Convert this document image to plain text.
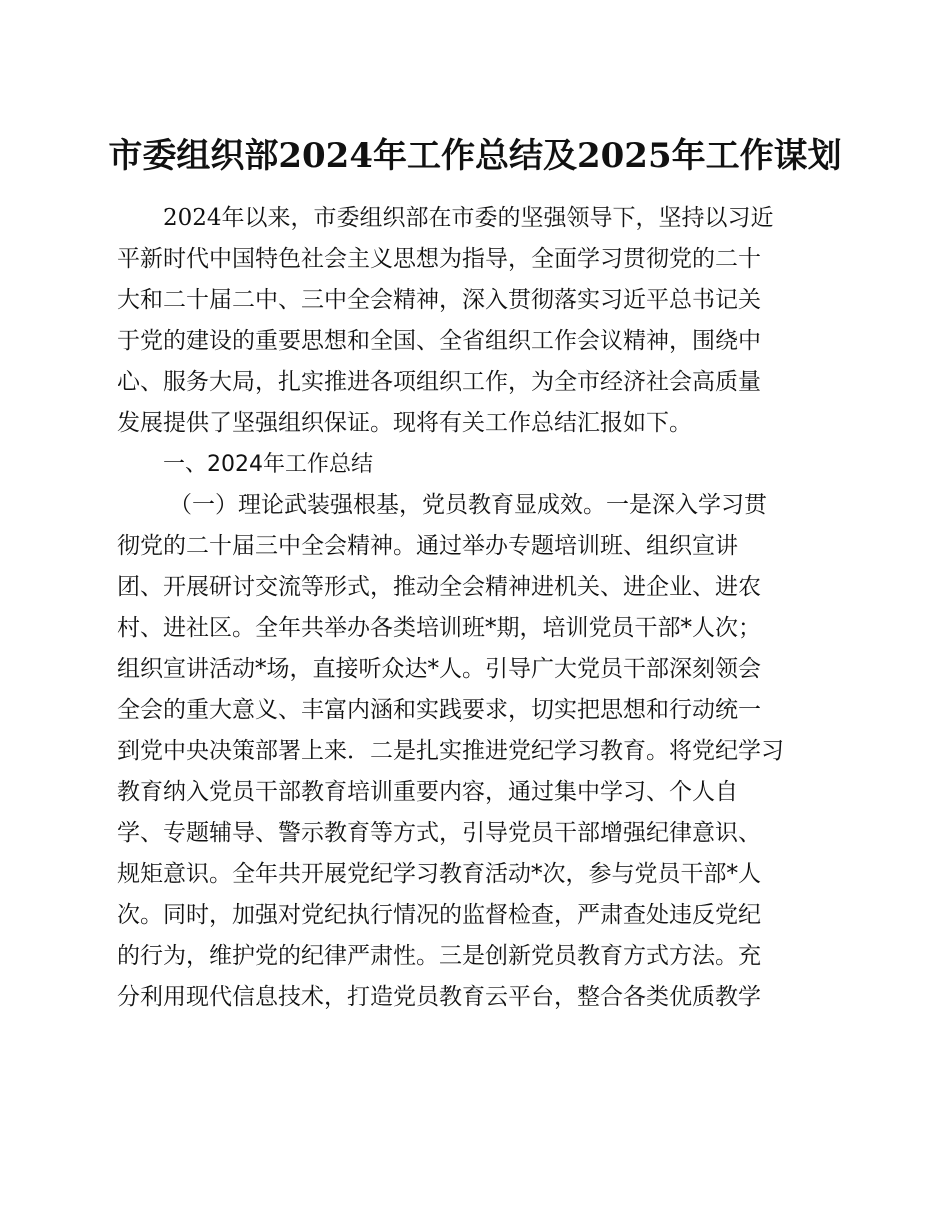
市委组织部2024年工作总结及2025年工作谋划
2024年以来，市委组织部在市委的坚强领导下，坚持以习近
平新时代中国特色社会主义思想为指导，全面学习贯彻党的二十
大和二十届二中、三中全会精神，深入贯彻落实习近平总书记关
于党的建设的重要思想和全国、全省组织工作会议精神，围绕中
心、服务大局，扎实推进各项组织工作，为全市经济社会高质量
发展提供了坚强组织保证。现将有关工作总结汇报如下。
一、2024年工作总结
（一）理论武装强根基，党员教育显成效。一是深入学习贯
彻党的二十届三中全会精神。通过举办专题培训班、组织宣讲
团、开展研讨交流等形式，推动全会精神进机关、进企业、进农
村、进社区。全年共举办各类培训班*期，培训党员干部*人次；
组织宣讲活动*场，直接听众达*人。引导广大党员干部深刻领会
全会的重大意义、丰富内涵和实践要求，切实把思想和行动统一
到党中央决策部署上来．二是扎实推进党纪学习教育。将党纪学习
教育纳入党员干部教育培训重要内容，通过集中学习、个人自
学、专题辅导、警示教育等方式，引导党员干部增强纪律意识、
规矩意识。全年共开展党纪学习教育活动*次，参与党员干部*人
次。同时，加强对党纪执行情况的监督检查，严肃查处违反党纪
的行为，维护党的纪律严肃性。三是创新党员教育方式方法。充
分利用现代信息技术，打造党员教育云平台，整合各类优质教学
